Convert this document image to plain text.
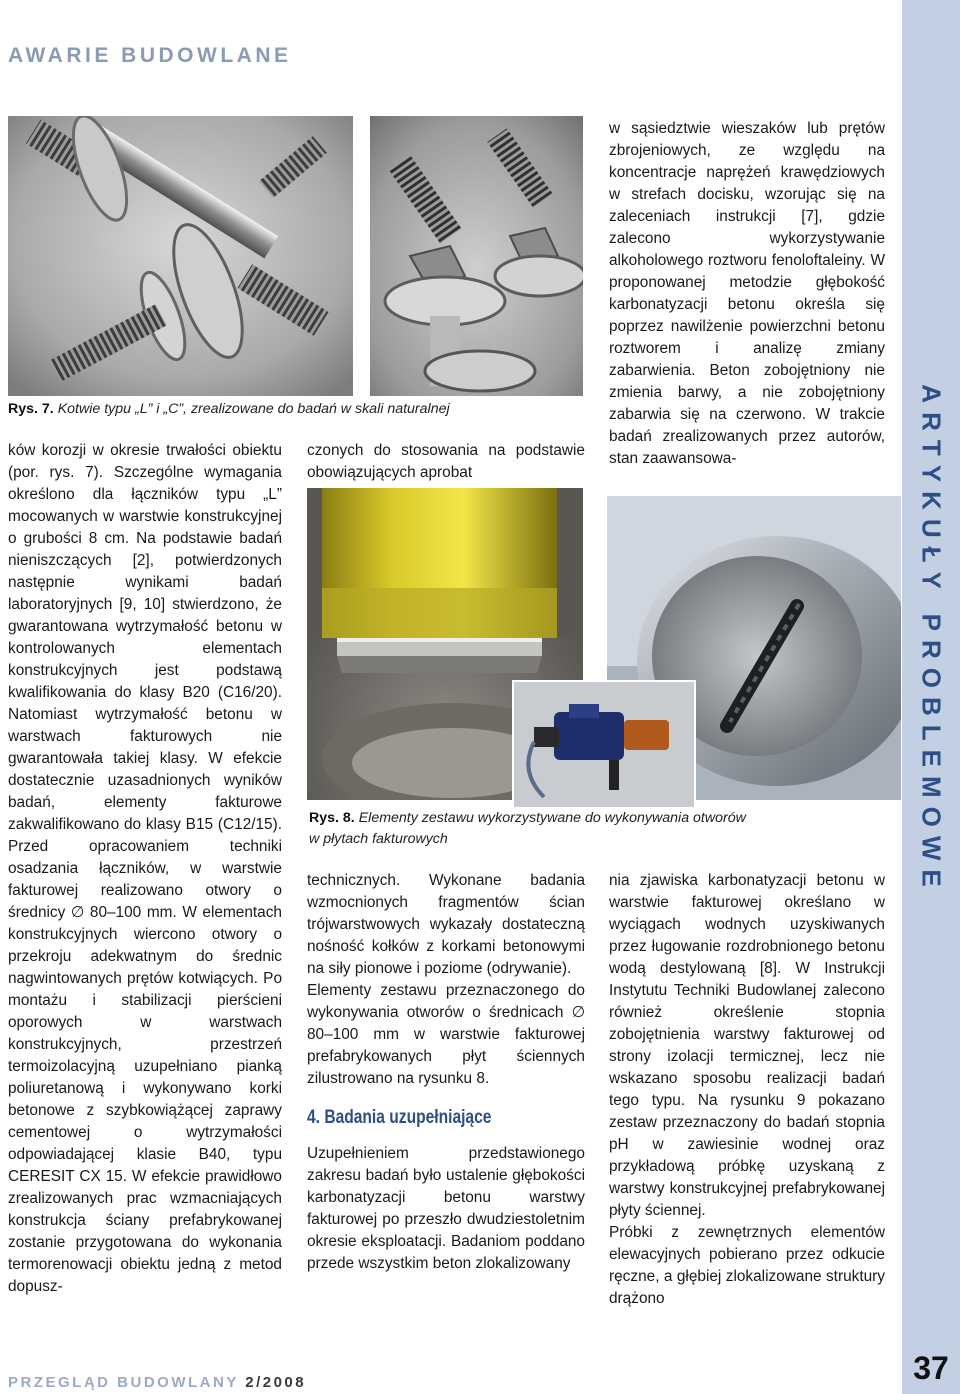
AWARIE BUDOWLANE
ARTYKUŁY PROBLEMOWE
Rys. 7. Kotwie typu „L” i „C”, zrealizowane do badań w skali naturalnej

ków korozji w okresie trwałości obiektu (por. rys. 7). Szczególne wymagania określono dla łączników typu „L” mocowanych w warstwie konstrukcyjnej o grubości 8 cm. Na podstawie badań nieniszczących [2], potwierdzonych następnie wynikami badań laboratoryjnych [9, 10] stwierdzono, że gwarantowana wytrzymałość betonu w kontrolowanych elementach konstrukcyjnych jest podstawą kwalifikowania do klasy B20 (C16/20). Natomiast wytrzymałość betonu w warstwach fakturowych nie gwarantowała takiej klasy. W efekcie dostatecznie uzasadnionych wyników badań, elementy fakturowe zakwalifikowano do klasy B15 (C12/15). Przed opracowaniem techniki osadzania łączników, w warstwie fakturowej realizowano otwory o średnicy ∅ 80–100 mm. W elementach konstrukcyjnych wiercono otwory o przekroju adekwatnym do średnic nagwintowanych prętów kotwiących. Po montażu i stabilizacji pierścieni oporowych w warstwach konstrukcyjnych, przestrzeń termoizolacyjną uzupełniano pianką poliuretanową i wykonywano korki betonowe z szybkowiążącej zaprawy cementowej o wytrzymałości odpowiadającej klasie B40, typu CERESIT CX 15. W efekcie prawidłowo zrealizowanych prac wzmacniających konstrukcja ściany prefabrykowanej zostanie przygotowana do wykonania termorenowacji obiektu jedną z metod dopusz-

czonych do stosowania na podstawie obowiązujących aprobat

w sąsiedztwie wieszaków lub prętów zbrojeniowych, ze względu na koncentracje naprężeń krawędziowych w strefach docisku, wzorując się na zaleceniach instrukcji [7], gdzie zalecono wykorzystywanie alkoholowego roztworu fenoloftaleiny. W proponowanej metodzie głębokość karbonatyzacji betonu określa się poprzez nawilżenie powierzchni betonu roztworem i analizę zmiany zabarwienia. Beton zobojętniony nie zmienia barwy, a nie zobojętniony zabarwia się na czerwono. W trakcie badań zrealizowanych przez autorów, stan zaawansowa-

Rys. 8. Elementy zestawu wykorzystywane do wykonywania otworów w płytach fakturowych

technicznych. Wykonane badania wzmocnionych fragmentów ścian trójwarstwowych wykazały dostateczną nośność kołków z korkami betonowymi na siły pionowe i poziome (odrywanie).

Elementy zestawu przeznaczonego do wykonywania otworów o średnicach ∅ 80–100 mm w warstwie fakturowej prefabrykowanych płyt ściennych zilustrowano na rysunku 8.

4. Badania uzupełniające

Uzupełnieniem przedstawionego zakresu badań było ustalenie głębokości karbonatyzacji betonu warstwy fakturowej po przeszło dwudziestoletnim okresie eksploatacji. Badaniom poddano przede wszystkim beton zlokalizowany

nia zjawiska karbonatyzacji betonu w warstwie fakturowej określano w wyciągach wodnych uzyskiwanych przez ługowanie rozdrobnionego betonu wodą destylowaną [8]. W Instrukcji Instytutu Techniki Budowlanej zalecono również określenie stopnia zobojętnienia warstwy fakturowej od strony izolacji termicznej, lecz nie wskazano sposobu realizacji badań tego typu. Na rysunku 9 pokazano zestaw przeznaczony do badań stopnia pH w zawiesinie wodnej oraz przykładową próbkę uzyskaną z warstwy konstrukcyjnej prefabrykowanej płyty ściennej.

Próbki z zewnętrznych elementów elewacyjnych pobierano przez odkucie ręczne, a głębiej zlokalizowane struktury drążono

PRZEGLĄD BUDOWLANY 2/2008	37
